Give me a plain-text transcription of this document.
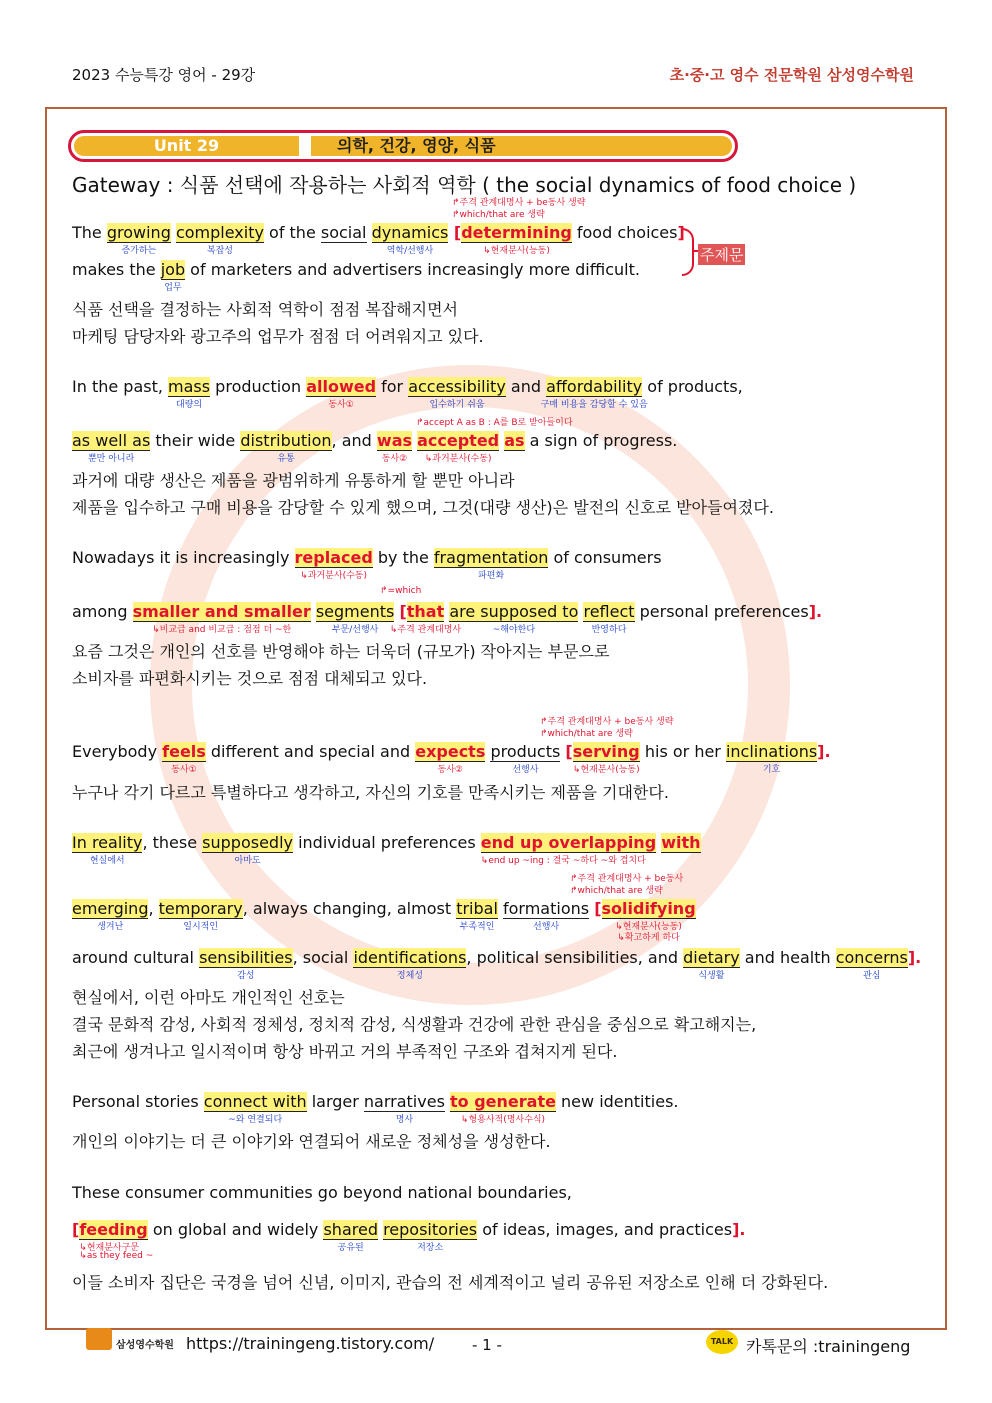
2023 수능특강 영어 - 29강	초·중·고 영수 전문학원 삼성영수학원
Unit 29	의학, 건강, 영양, 식품
Gateway : 식품 선택에 작용하는 사회적 역학 ( the social dynamics of food choice )
↱주격 관계대명사 + be동사 생략
↱which/that are 생략
The growing
증가하는
complexity
복잡성
of the social dynamics
역학/선행사
[determining
↳현재분사(능동)
food choices]
makes the job
업무
of marketers and advertisers increasingly more difficult.
주제문
식품 선택을 결정하는 사회적 역학이 점점 복잡해지면서
마케팅 담당자와 광고주의 업무가 점점 더 어려워지고 있다.
In the past, mass
대량의
production allowed
동사①
for accessibility
입수하기 쉬움
and affordability
구매 비용을 감당할 수 있음
of products,
↱accept A as B : A를 B로 받아들이다
as well as
뿐만 아니라
their wide distribution
유통
, and was
동사②
accepted
↳과거분사(수동)
as a sign of progress.
과거에 대량 생산은 제품을 광범위하게 유통하게 할 뿐만 아니라
제품을 입수하고 구매 비용을 감당할 수 있게 했으며, 그것(대량 생산)은 발전의 신호로 받아들여졌다.
Nowadays it is increasingly replaced
↳과거분사(수동)
by the fragmentation
파편화
of consumers
↱=which
among smaller and smaller
↳비교급 and 비교급 : 점점 더 ~한
segments
부문/선행사
[that
↳주격 관계대명사
are supposed to
~해야한다
reflect
반영하다
personal preferences].
요즘 그것은 개인의 선호를 반영해야 하는 더욱더 (규모가) 작아지는 부문으로
소비자를 파편화시키는 것으로 점점 대체되고 있다.
↱주격 관계대명사 + be동사 생략
↱which/that are 생략
Everybody feels
동사①
different and special and expects
동사②
products
선행사
[serving
↳현재분사(능동)
his or her inclinations
기호
].
누구나 각기 다르고 특별하다고 생각하고, 자신의 기호를 만족시키는 제품을 기대한다.
In reality
현실에서
, these supposedly
아마도
individual preferences end up overlapping
↳end up ~ing : 결국 ~하다 ~와 겹치다
with
↱주격 관계대명사 + be동사
↱which/that are 생략
emerging
생겨난
, temporary
일시적인
, always changing, almost tribal
부족적인
formations
선행사
[solidifying
↳현재분사(능동)
↳확고하게 하다
around cultural sensibilities
감성
, social identifications
정체성
, political sensibilities, and dietary
식생활
and health concerns
관심
].
현실에서, 이런 아마도 개인적인 선호는
결국 문화적 감성, 사회적 정체성, 정치적 감성, 식생활과 건강에 관한 관심을 중심으로 확고해지는,
최근에 생겨나고 일시적이며 항상 바뀌고 거의 부족적인 구조와 겹쳐지게 된다.
Personal stories connect with
~와 연결되다
larger narratives
명사
to generate
↳형용사적(명사수식)
new identities.
개인의 이야기는 더 큰 이야기와 연결되어 새로운 정체성을 생성한다.
These consumer communities go beyond national boundaries,
[feeding
↳현재분사구문
↳as they feed ~
on global and widely shared
공유된
repositories
저장소
of ideas, images, and practices].
이들 소비자 집단은 국경을 넘어 신념, 이미지, 관습의 전 세계적이고 널리 공유된 저장소로 인해 더 강화된다.
삼성영수학원 https://trainingeng.tistory.com/	- 1 -	TALK 카톡문의 :trainingeng
